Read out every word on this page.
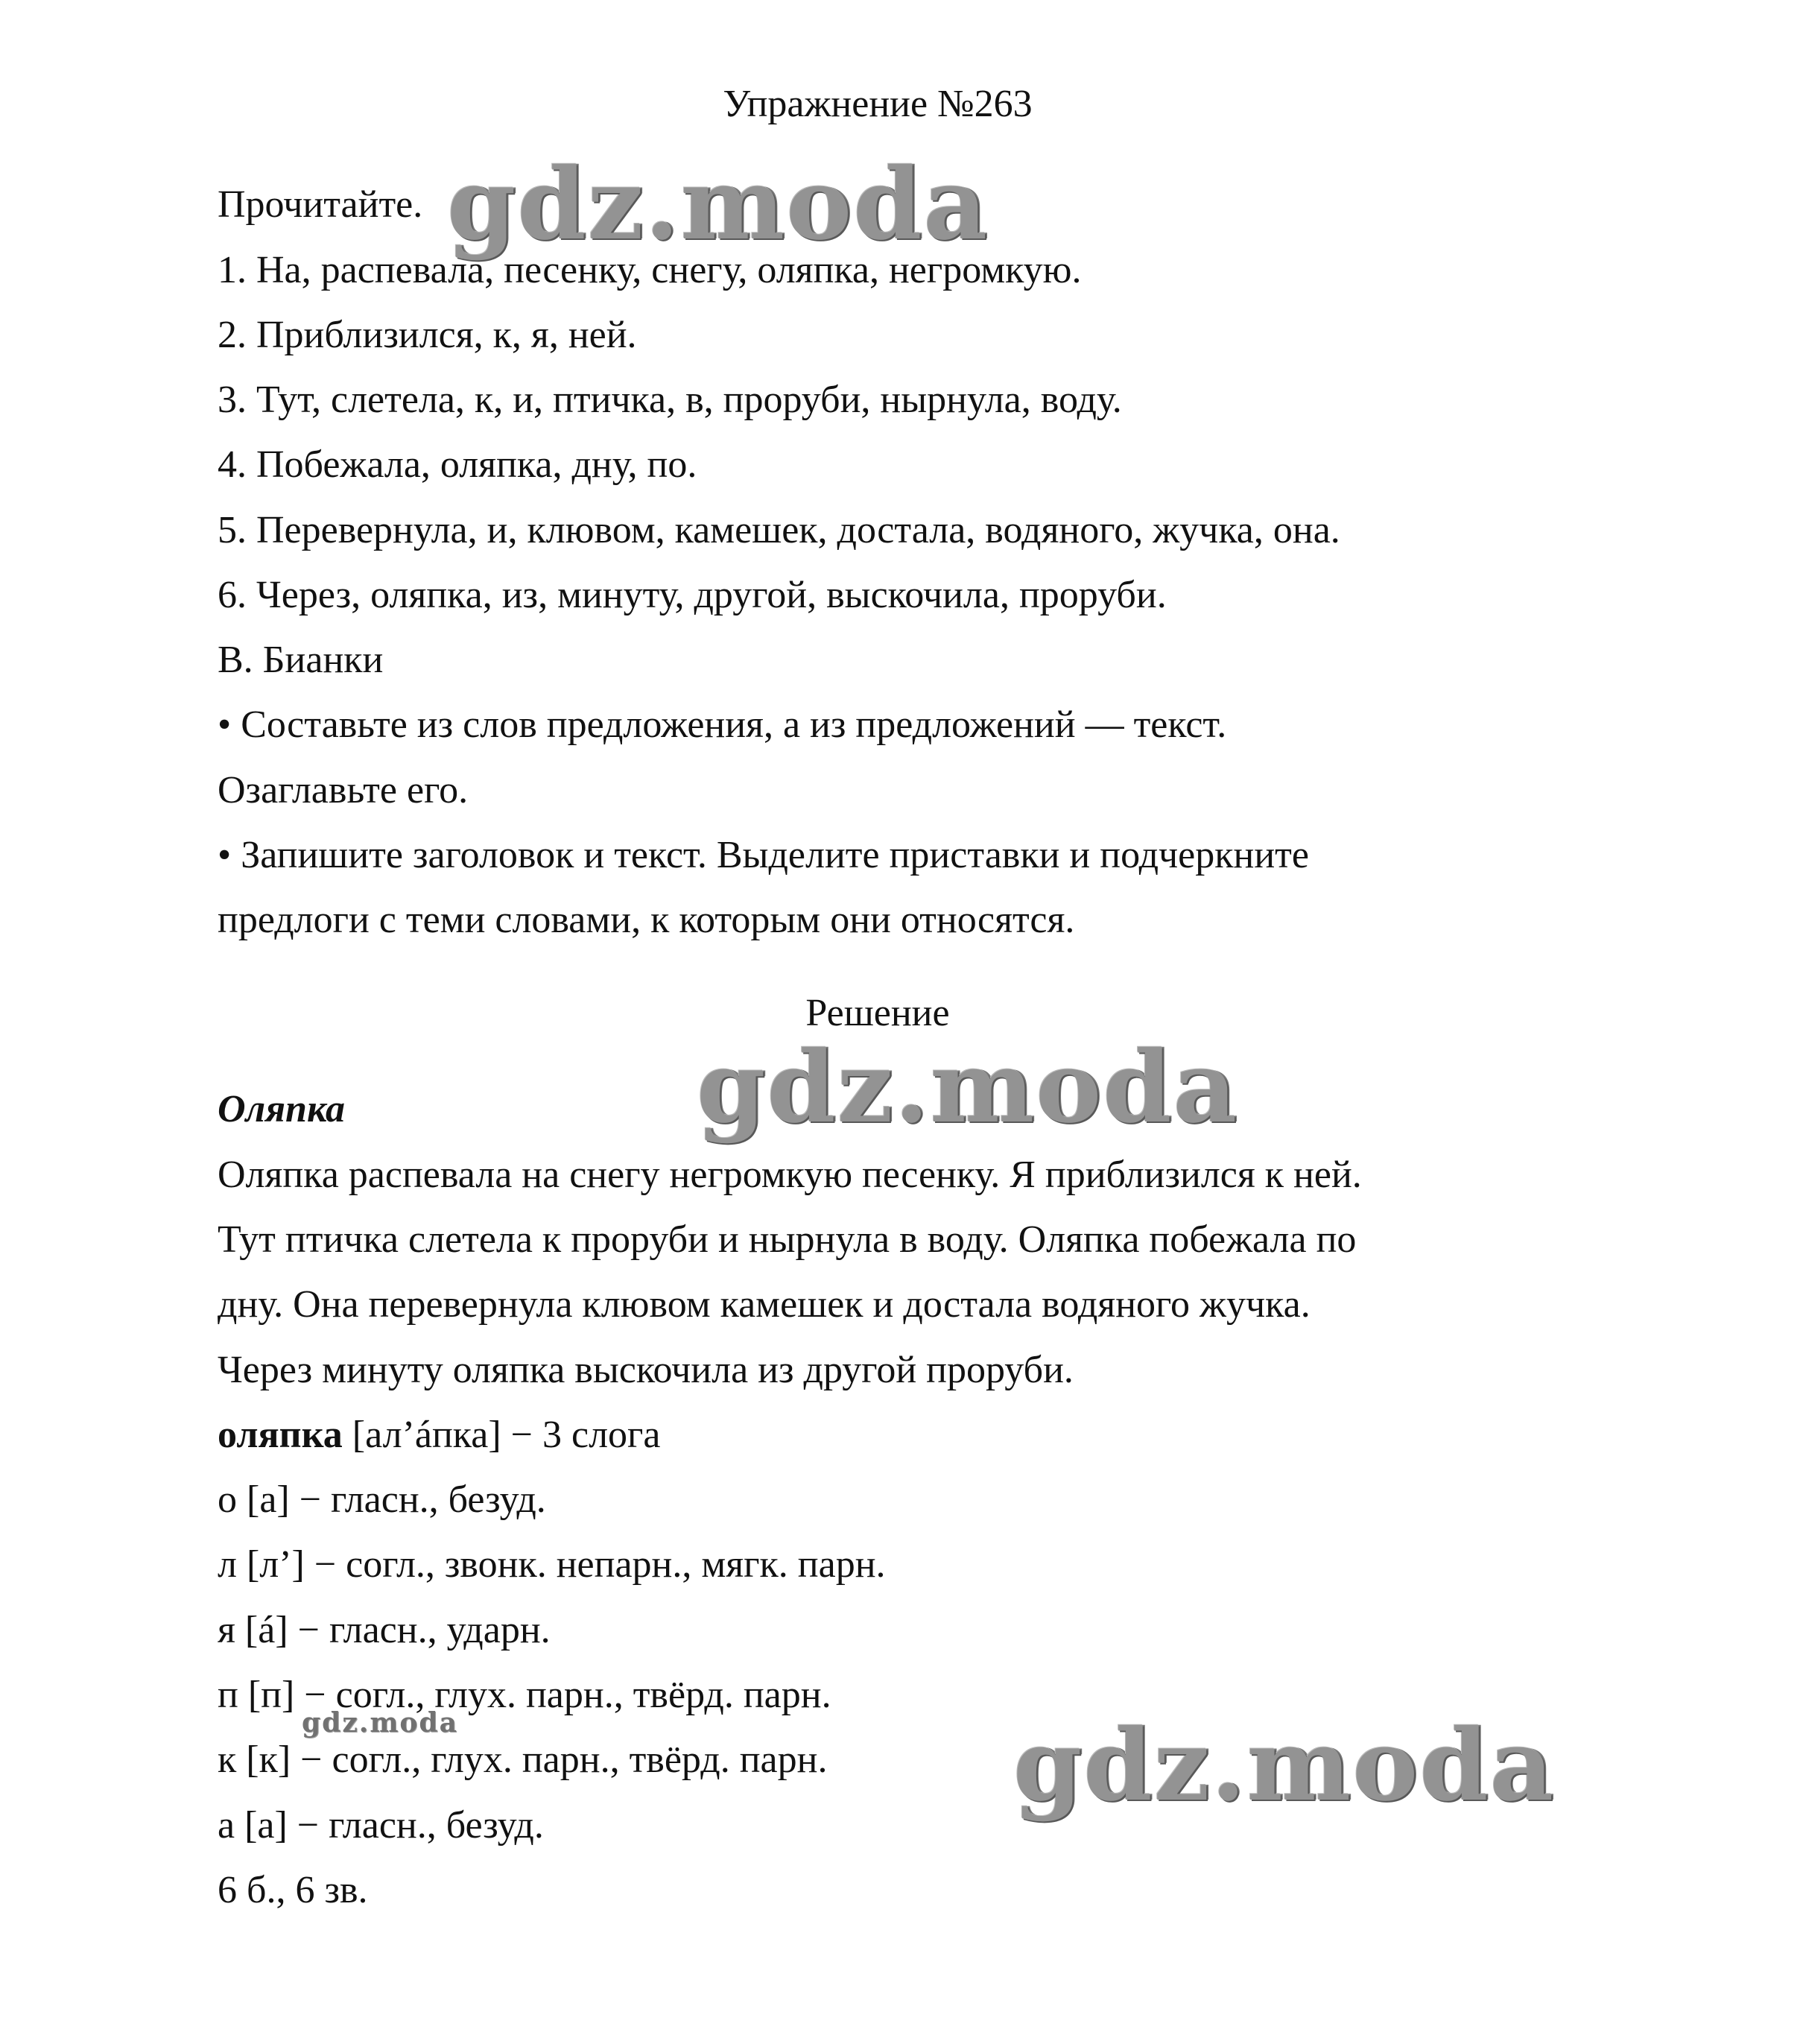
Упражнение №263
Прочитайте.
1. На, распевала, песенку, снегу, оляпка, негромкую.
2. Приблизился, к, я, ней.
3. Тут, слетела, к, и, птичка, в, проруби, нырнула, воду.
4. Побежала, оляпка, дну, по.
5. Перевернула, и, клювом, камешек, достала, водяного, жучка, она.
6. Через, оляпка, из, минуту, другой, выскочила, проруби.
В. Бианки
• Составьте из слов предложения, а из предложений — текст.
Озаглавьте его.
• Запишите заголовок и текст. Выделите приставки и подчеркните
предлоги с теми словами, к которым они относятся.
Решение
Оляпка
Оляпка распевала на снегу негромкую песенку. Я приблизился к ней.
Тут птичка слетела к проруби и нырнула в воду. Оляпка побежала по
дну. Она перевернула клювом камешек и достала водяного жучка.
Через минуту оляпка выскочила из другой проруби.
оляпка [ал’áпка] − 3 слога
о [а] − гласн., безуд.
л [л’] − согл., звонк. непарн., мягк. парн.
я [á] − гласн., ударн.
п [п] − согл., глух. парн., твёрд. парн.
к [к] − согл., глух. парн., твёрд. парн.
а [а] − гласн., безуд.
6 б., 6 зв.
gdz.moda
gdz.moda
gdz.moda
gdz.moda
